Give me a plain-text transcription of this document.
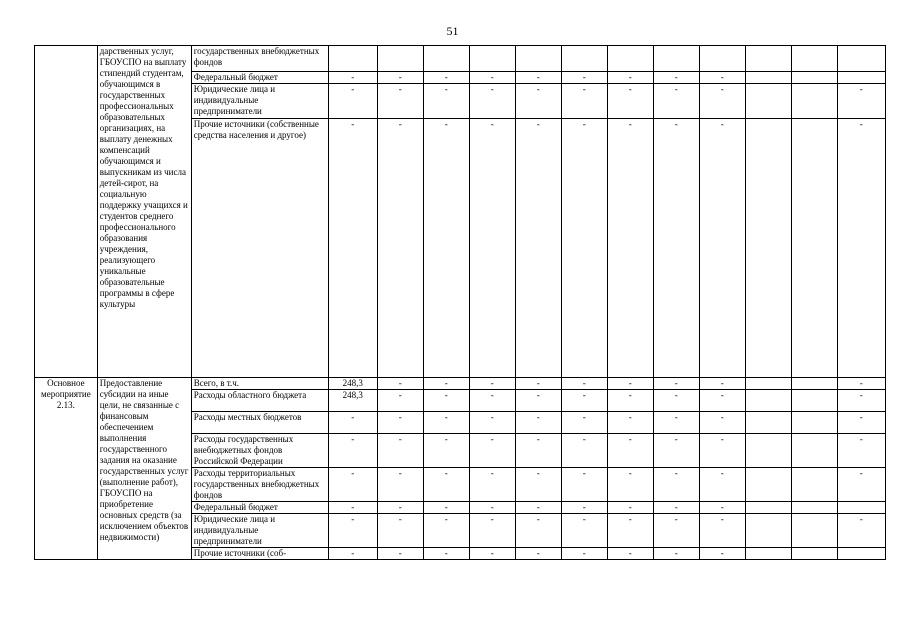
51
	дарственных услуг, ГБОУСПО на выплату стипендий студентам, обучающимся в государственных профессиональных образовательных организациях, на выплату денежных компенсаций обучающимся и выпускникам из числа детей-сирот, на социальную поддержку учащихся и студентов среднего профессионального образования учреждения, реализующего уникальные образовательные программы в сфере культуры	государственных внебюджетных фондов												
		Федеральный бюджет	-	-	-	-	-	-	-	-	-			
		Юридические лица и индивидуальные предприниматели	-	-	-	-	-	-	-	-	-			-
		Прочие источники (собственные средства населения и другое)	-	-	-	-	-	-	-	-	-			-
Основное мероприятие 2.13.	Предоставление субсидии на иные цели, не связанные с финансовым обеспечением выполнения государственного задания на оказание государственных услуг (выполнение работ), ГБОУСПО на приобретение основных средств (за исключением объектов недвижимости)	Всего, в т.ч.	248,3	-	-	-	-	-	-	-	-			-
		Расходы областного бюджета	248,3	-	-	-	-	-	-	-	-			-
		Расходы местных бюджетов	-	-	-	-	-	-	-	-	-			-
		Расходы государственных внебюджетных фондов Российской Федерации	-	-	-	-	-	-	-	-	-			-
		Расходы территориальных государственных внебюджетных фондов	-	-	-	-	-	-	-	-	-			-
		Федеральный бюджет	-	-	-	-	-	-	-	-	-			
		Юридические лица и индивидуальные предприниматели	-	-	-	-	-	-	-	-	-			-
		Прочие источники (соб-	-	-	-	-	-	-	-	-	-			
